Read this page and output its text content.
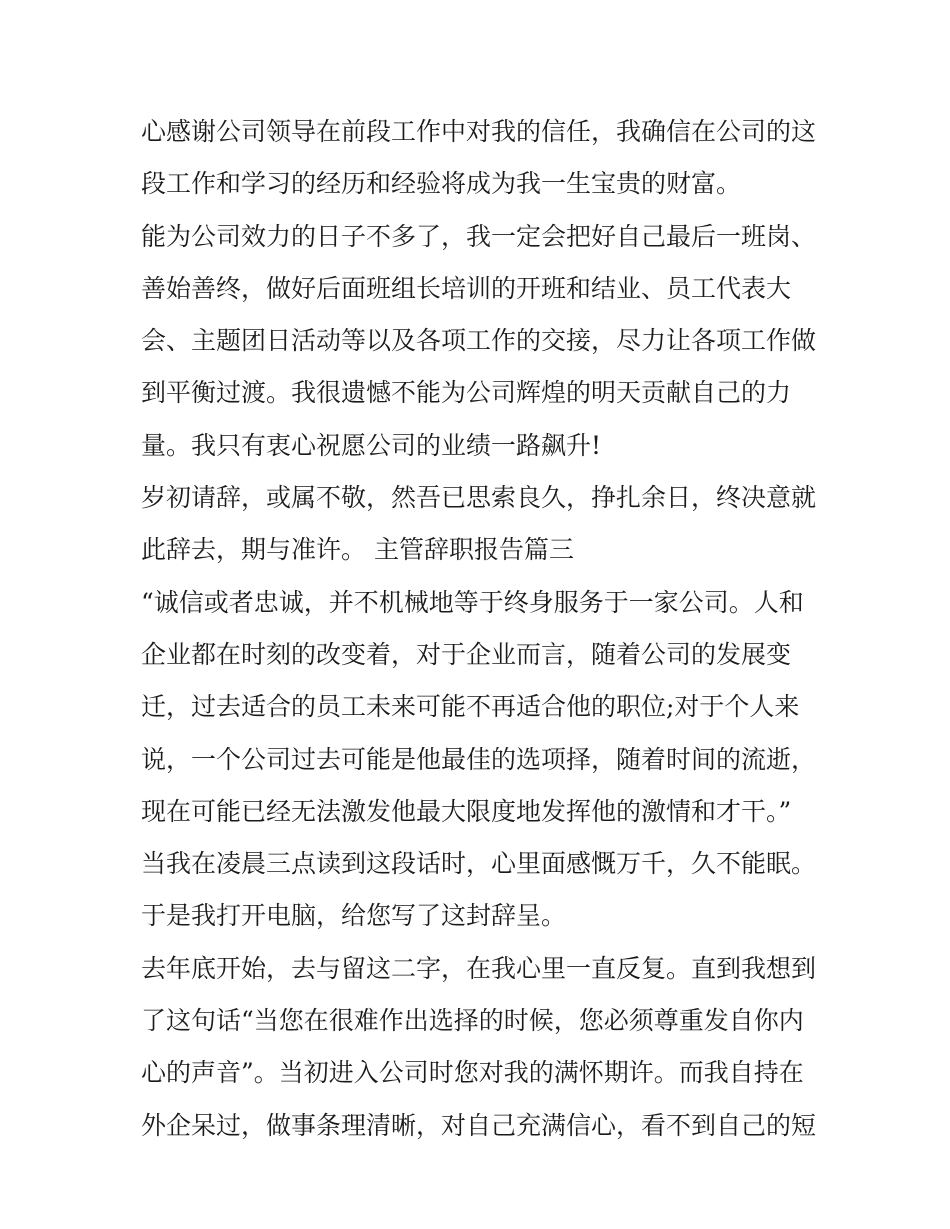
心感谢公司领导在前段工作中对我的信任，我确信在公司的这
段工作和学习的经历和经验将成为我一生宝贵的财富。
能为公司效力的日子不多了，我一定会把好自己最后一班岗、
善始善终，做好后面班组长培训的开班和结业、员工代表大
会、主题团日活动等以及各项工作的交接，尽力让各项工作做
到平衡过渡。我很遗憾不能为公司辉煌的明天贡献自己的力
量。我只有衷心祝愿公司的业绩一路飙升!
岁初请辞，或属不敬，然吾已思索良久，挣扎余日，终决意就
此辞去，期与准许。 主管辞职报告篇三
“诚信或者忠诚，并不机械地等于终身服务于一家公司。人和
企业都在时刻的改变着，对于企业而言，随着公司的发展变
迁，过去适合的员工未来可能不再适合他的职位;对于个人来
说，一个公司过去可能是他最佳的选项择，随着时间的流逝，
现在可能已经无法激发他最大限度地发挥他的激情和才干。”
当我在凌晨三点读到这段话时，心里面感慨万千，久不能眠。
于是我打开电脑，给您写了这封辞呈。
去年底开始，去与留这二字，在我心里一直反复。直到我想到
了这句话“当您在很难作出选择的时候，您必须尊重发自你内
心的声音”。当初进入公司时您对我的满怀期许。而我自持在
外企呆过，做事条理清晰，对自己充满信心，看不到自己的短
